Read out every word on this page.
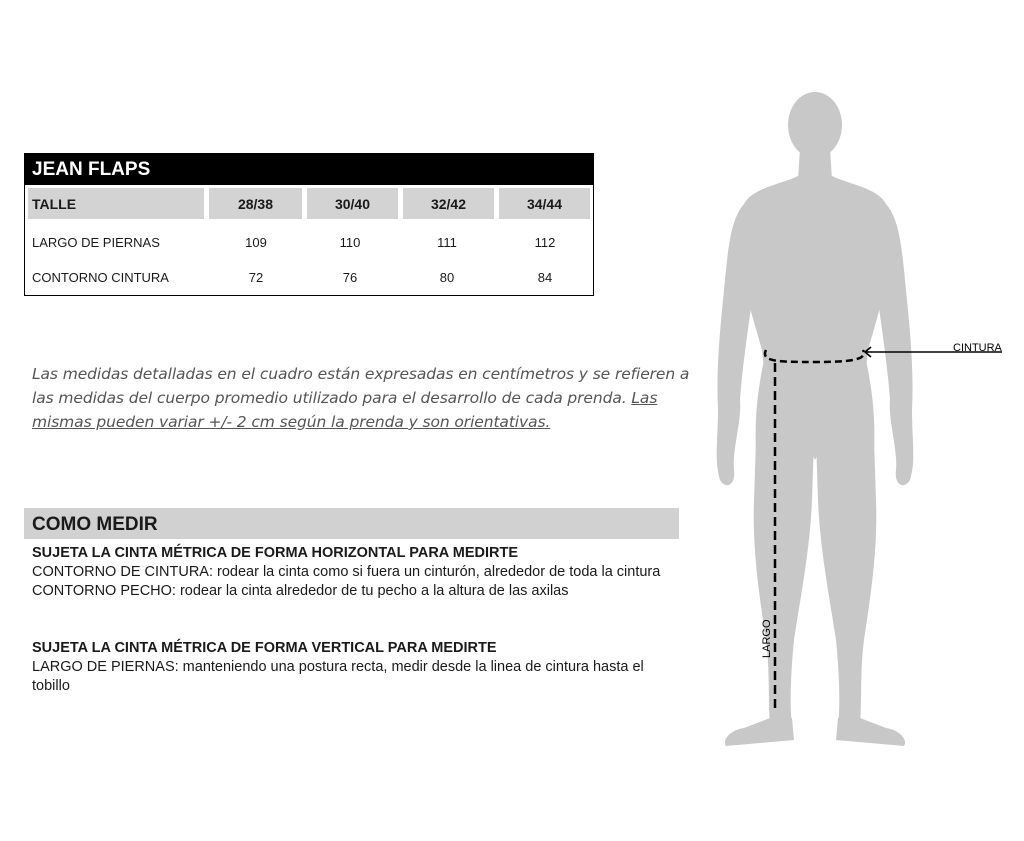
JEAN FLAPS
TALLE	28/38	30/40	32/42	34/44
LARGO DE PIERNAS	109	110	111	112
CONTORNO CINTURA	72	76	80	84
Las medidas detalladas en el cuadro están expresadas en centímetros y se refieren a las medidas del cuerpo promedio utilizado para el desarrollo de cada prenda. Las mismas pueden variar +/- 2 cm según la prenda y son orientativas.
COMO MEDIR
SUJETA LA CINTA MÉTRICA DE FORMA HORIZONTAL PARA MEDIRTE
CONTORNO DE CINTURA: rodear la cinta como si fuera un cinturón, alrededor de toda la cintura
CONTORNO PECHO: rodear la cinta alrededor de tu pecho a la altura de las axilas
SUJETA LA CINTA MÉTRICA DE FORMA VERTICAL PARA MEDIRTE
LARGO DE PIERNAS: manteniendo una postura recta, medir desde la linea de cintura hasta el tobillo
CINTURA
LARGO
